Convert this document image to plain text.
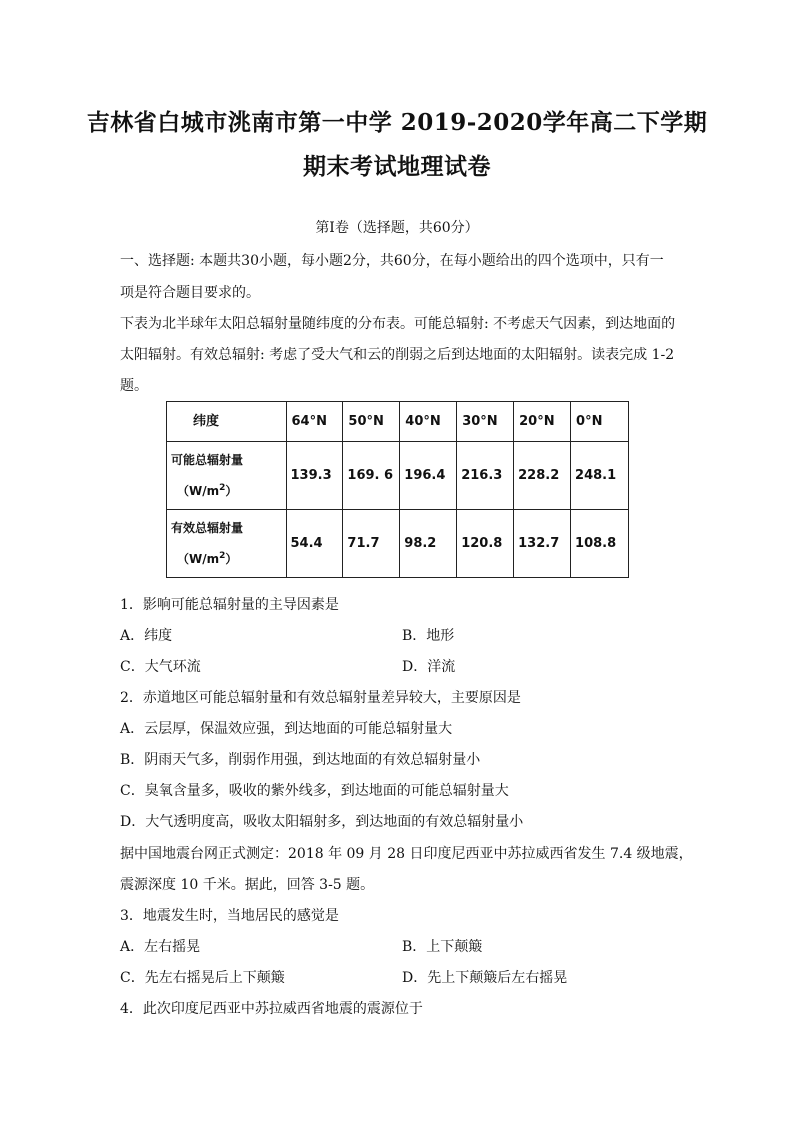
吉林省白城市洮南市第一中学 2019-2020学年高二下学期
期末考试地理试卷
第Ⅰ卷（选择题，共60分）
一、选择题: 本题共30小题，每小题2分，共60分，在每小题给出的四个选项中，只有一
项是符合题目要求的。
下表为北半球年太阳总辐射量随纬度的分布表。可能总辐射: 不考虑天气因素，到达地面的
太阳辐射。有效总辐射: 考虑了受大气和云的削弱之后到达地面的太阳辐射。读表完成 1-2
题。
纬度	64°N	50°N	40°N	30°N	20°N	0°N
可能总辐射量
$(W/m^2)$	139.3	169. 6	196.4	216.3	228.2	248.1
有效总辐射量
$(W/m^2)$	54.4	71.7	98.2	120.8	132.7	108.8
1．影响可能总辐射量的主导因素是
A．纬度	B．地形
C．大气环流	D．洋流
2．赤道地区可能总辐射量和有效总辐射量差异较大，主要原因是
A．云层厚，保温效应强，到达地面的可能总辐射量大
B．阴雨天气多，削弱作用强，到达地面的有效总辐射量小
C．臭氧含量多，吸收的紫外线多，到达地面的可能总辐射量大
D．大气透明度高，吸收太阳辐射多，到达地面的有效总辐射量小
据中国地震台网正式测定：2018 年 09 月 28 日印度尼西亚中苏拉威西省发生 7.4 级地震，
震源深度 10 千米。据此，回答 3-5 题。
3．地震发生时，当地居民的感觉是
A．左右摇晃	B．上下颠簸
C．先左右摇晃后上下颠簸	D．先上下颠簸后左右摇晃
4．此次印度尼西亚中苏拉威西省地震的震源位于
